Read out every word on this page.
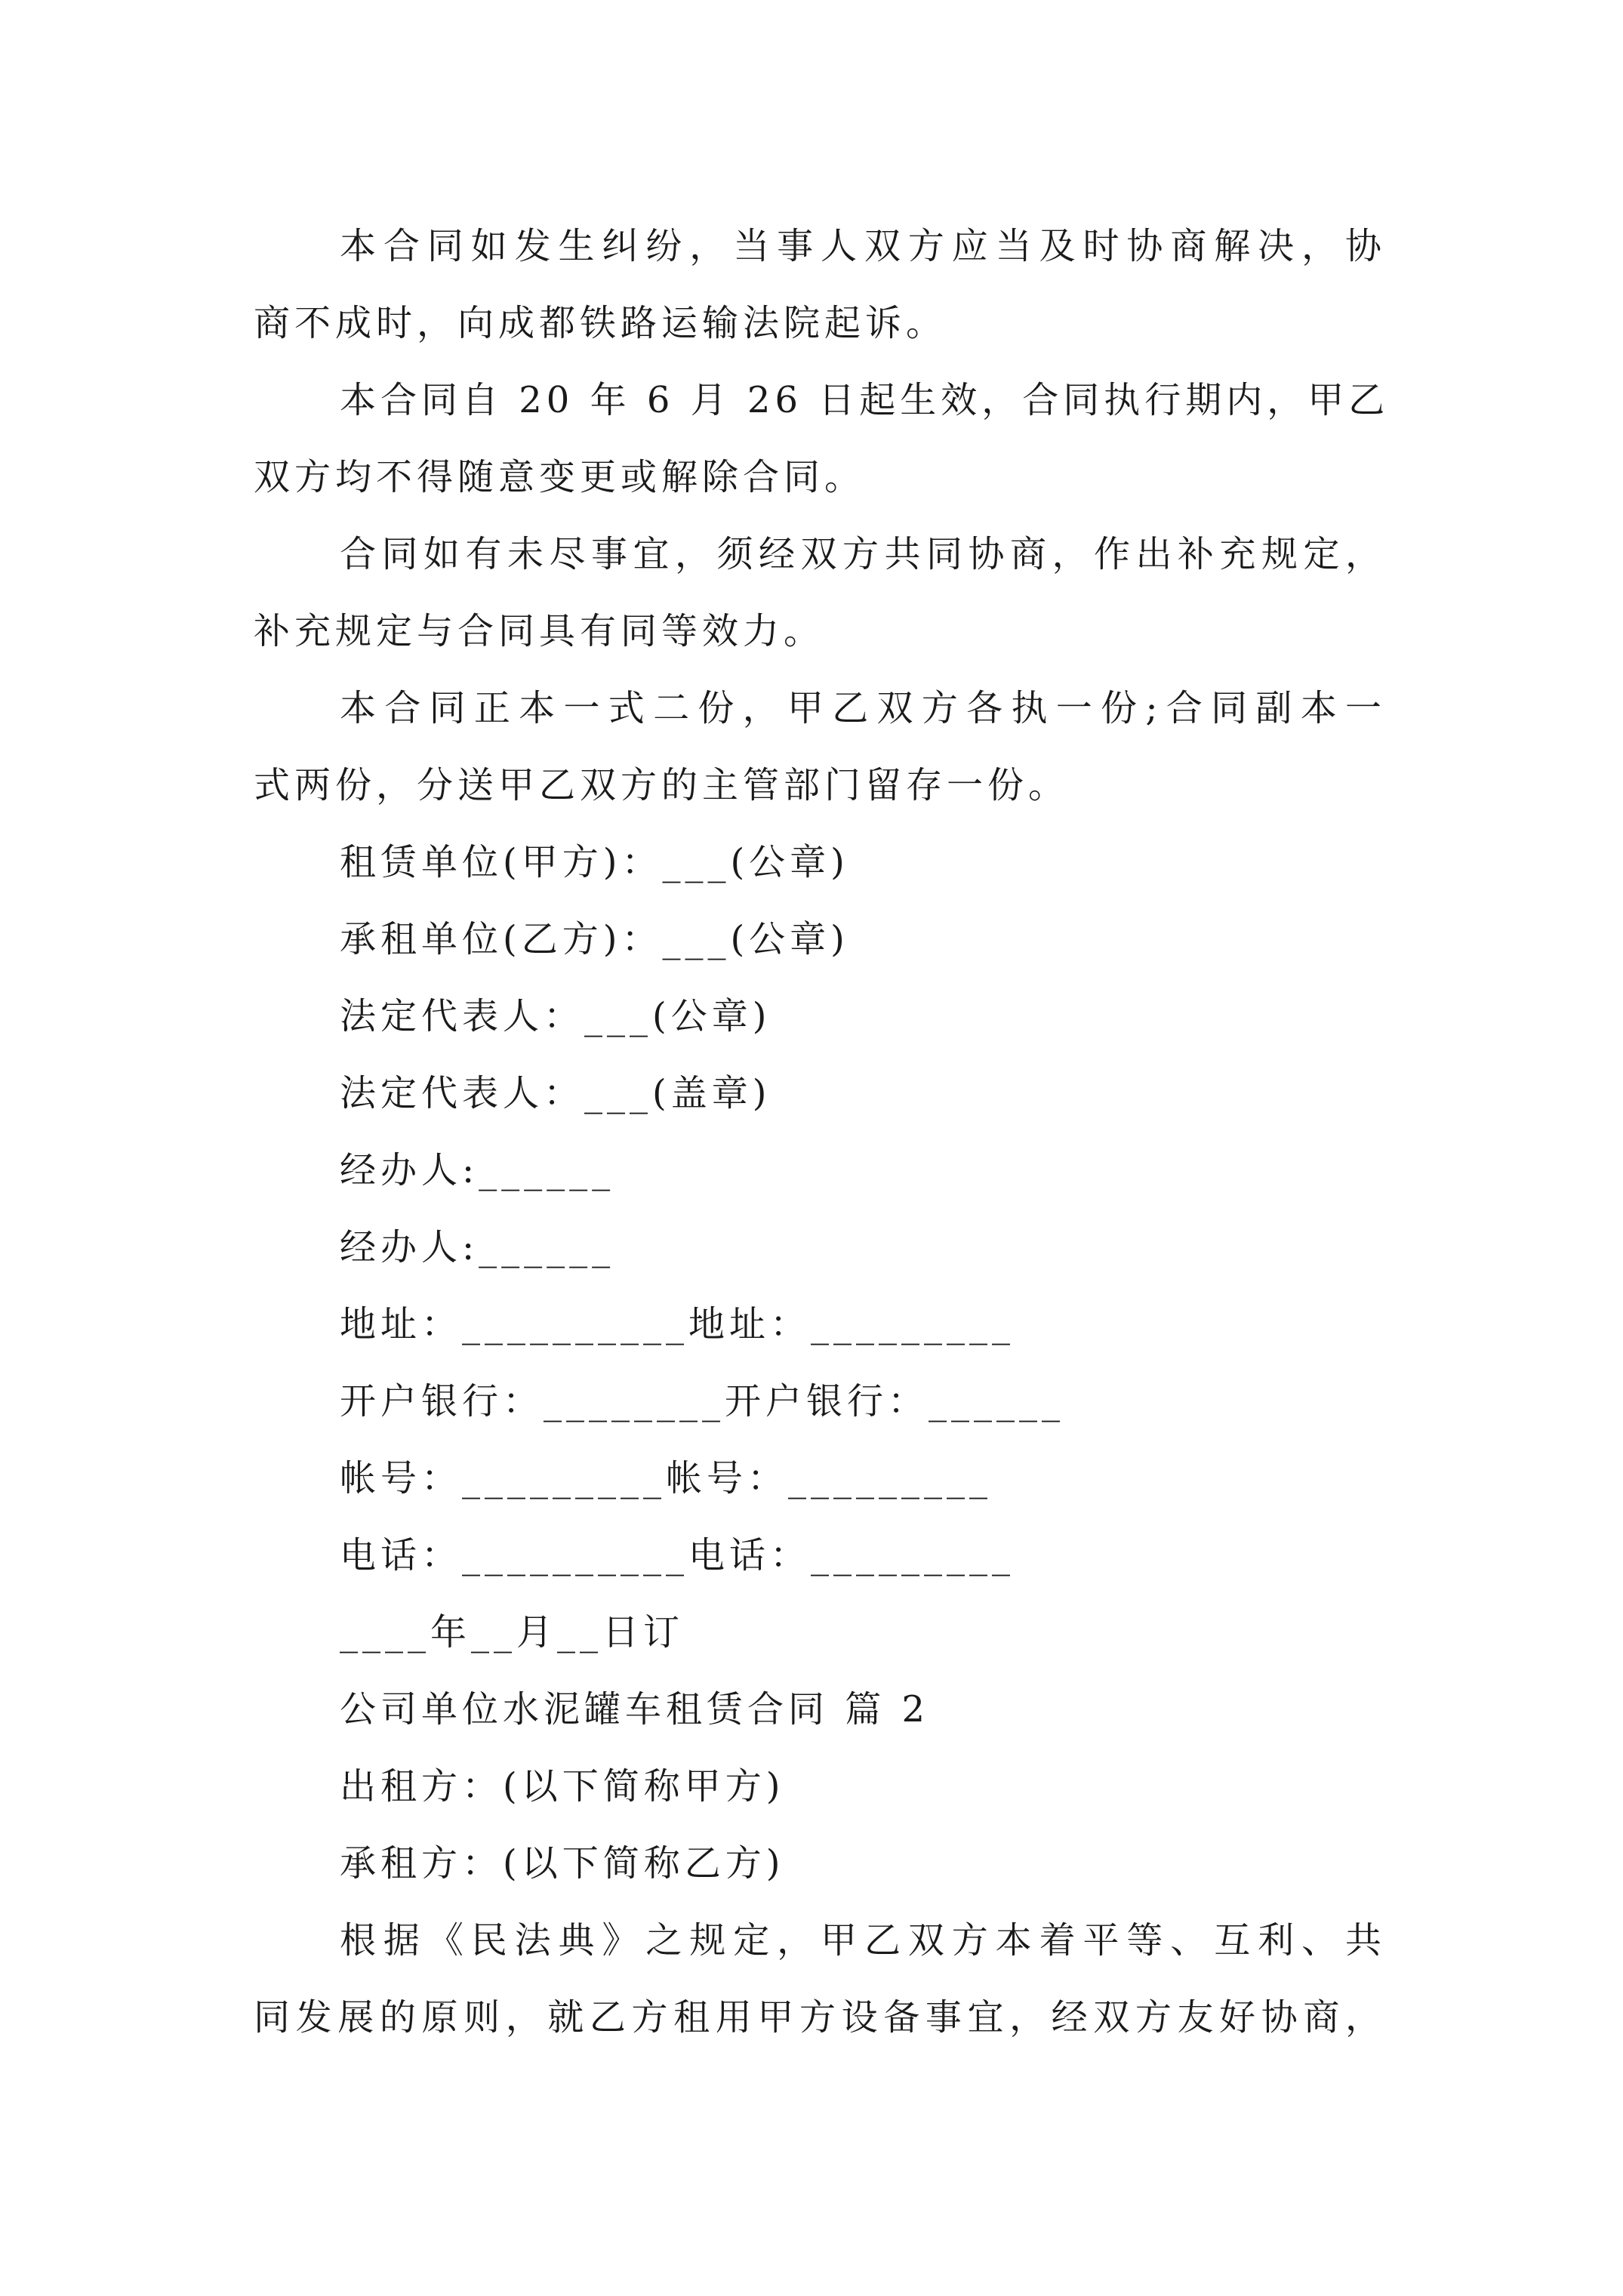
本合同如发生纠纷，当事人双方应当及时协商解决，协
商不成时，向成都铁路运输法院起诉。
本合同自 20 年 6 月 26 日起生效，合同执行期内，甲乙
双方均不得随意变更或解除合同。
合同如有未尽事宜，须经双方共同协商，作出补充规定，
补充规定与合同具有同等效力。
本合同正本一式二份，甲乙双方各执一份;合同副本一
式两份，分送甲乙双方的主管部门留存一份。
租赁单位(甲方)：___(公章)
承租单位(乙方)：___(公章)
法定代表人：___(公章)
法定代表人：___(盖章)
经办人:______
经办人:______
地址：__________地址：_________
开户银行：________开户银行：______
帐号：_________帐号：_________
电话：__________电话：_________
____年__月__日订
公司单位水泥罐车租赁合同 篇 2
出租方：(以下简称甲方)
承租方：(以下简称乙方)
根据《民法典》之规定，甲乙双方本着平等、互利、共
同发展的原则，就乙方租用甲方设备事宜，经双方友好协商，
